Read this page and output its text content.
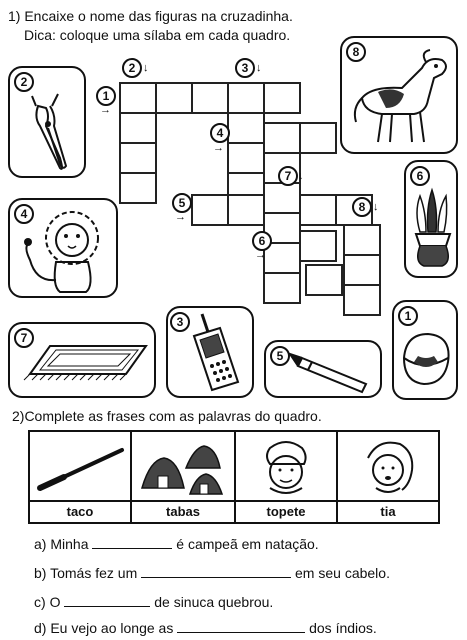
1) Encaixe o nome das figuras na cruzadinha.
Dica: coloque uma sílaba em cada quadro.
1
→
2 ↓	3 ↓
4
→
5
→
6
→
7 ↓
8 ↓
2
4
7
3
5
8
6
1
2)Complete as frases com as palavras do quadro.
taco	tabas	topete	tia
a) Minha	é campeã em natação.
b) Tomás fez um	em seu cabelo.
c) O	de sinuca quebrou.
d) Eu vejo ao longe as	dos índios.
